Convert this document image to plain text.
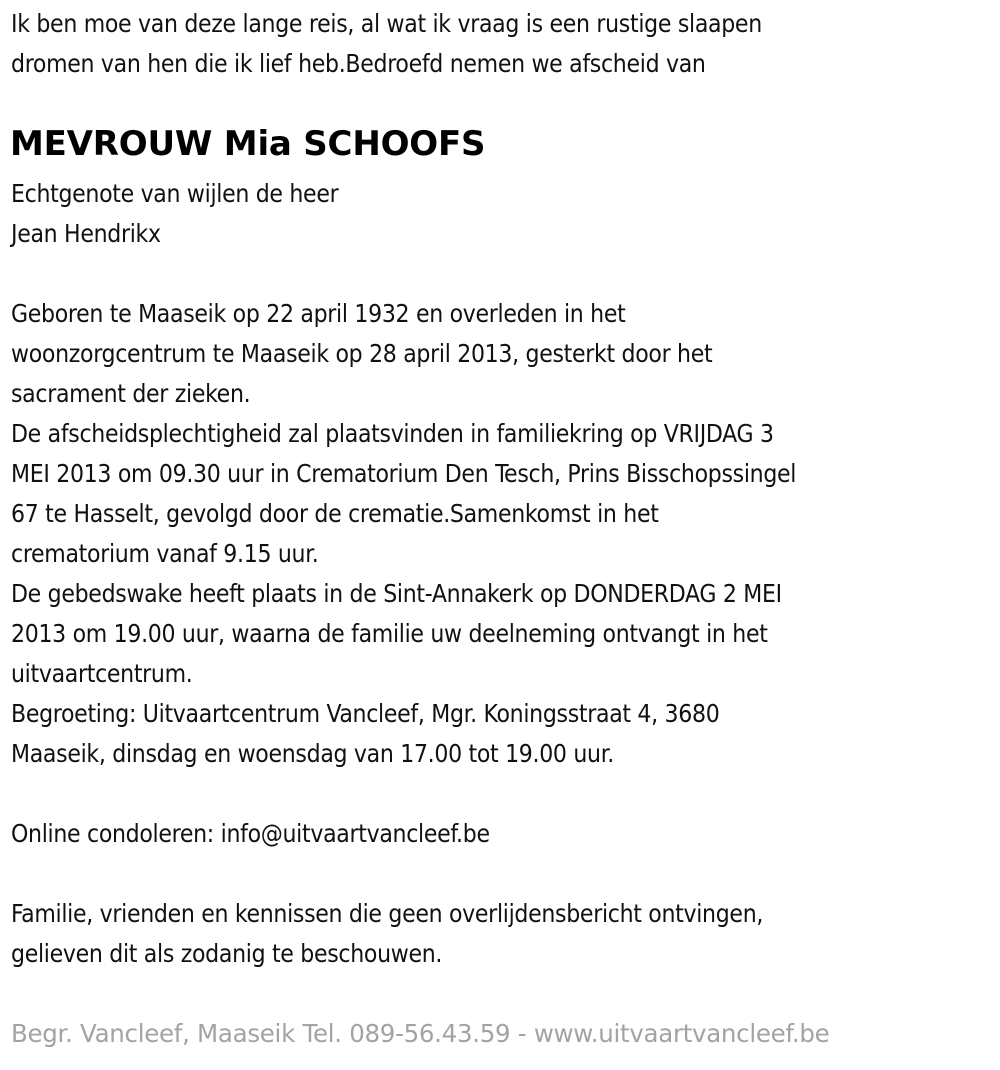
Ik ben moe van deze lange reis, al wat ik vraag is een rustige slaapen
dromen van hen die ik lief heb.Bedroefd nemen we afscheid van
MEVROUW Mia SCHOOFS
Echtgenote van wijlen de heer
Jean Hendrikx
Geboren te Maaseik op 22 april 1932 en overleden in het
woonzorgcentrum te Maaseik op 28 april 2013, gesterkt door het
sacrament der zieken.
De afscheidsplechtigheid zal plaatsvinden in familiekring op VRIJDAG 3
MEI 2013 om 09.30 uur in Crematorium Den Tesch, Prins Bisschopssingel
67 te Hasselt, gevolgd door de crematie.Samenkomst in het
crematorium vanaf 9.15 uur.
De gebedswake heeft plaats in de Sint-Annakerk op DONDERDAG 2 MEI
2013 om 19.00 uur, waarna de familie uw deelneming ontvangt in het
uitvaartcentrum.
Begroeting: Uitvaartcentrum Vancleef, Mgr. Koningsstraat 4, 3680
Maaseik, dinsdag en woensdag van 17.00 tot 19.00 uur.
Online condoleren: info@uitvaartvancleef.be
Familie, vrienden en kennissen die geen overlijdensbericht ontvingen,
gelieven dit als zodanig te beschouwen.
Begr. Vancleef, Maaseik Tel. 089-56.43.59 - www.uitvaartvancleef.be
